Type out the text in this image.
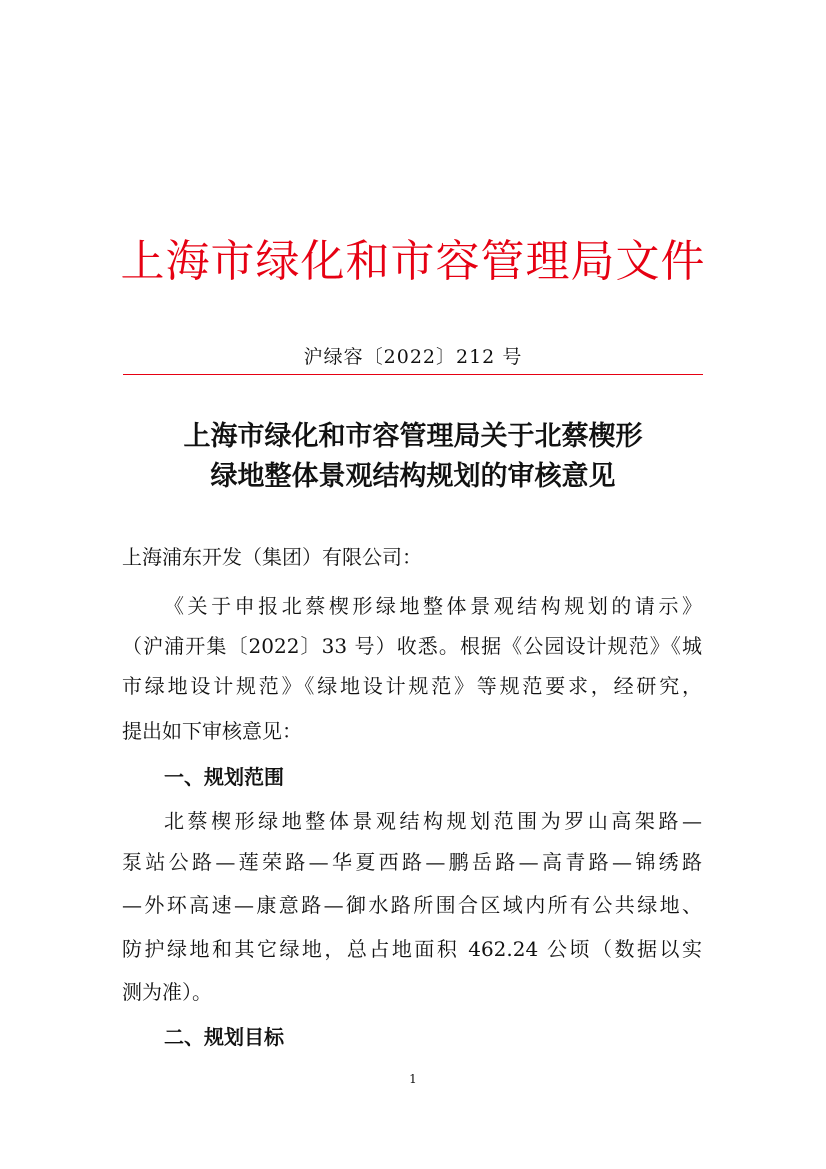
上海市绿化和市容管理局文件
沪绿容〔2022〕212 号
上海市绿化和市容管理局关于北蔡楔形
绿地整体景观结构规划的审核意见
上海浦东开发（集团）有限公司：
《关于申报北蔡楔形绿地整体景观结构规划的请示》
（沪浦开集〔2022〕33 号）收悉。根据《公园设计规范》《城
市绿地设计规范》《绿地设计规范》等规范要求，经研究，
提出如下审核意见：
一、规划范围
北蔡楔形绿地整体景观结构规划范围为罗山高架路—
泵站公路—莲荣路—华夏西路—鹏岳路—高青路—锦绣路
—外环高速—康意路—御水路所围合区域内所有公共绿地、
防护绿地和其它绿地，总占地面积 462.24 公顷（数据以实
测为准）。
二、规划目标
1
